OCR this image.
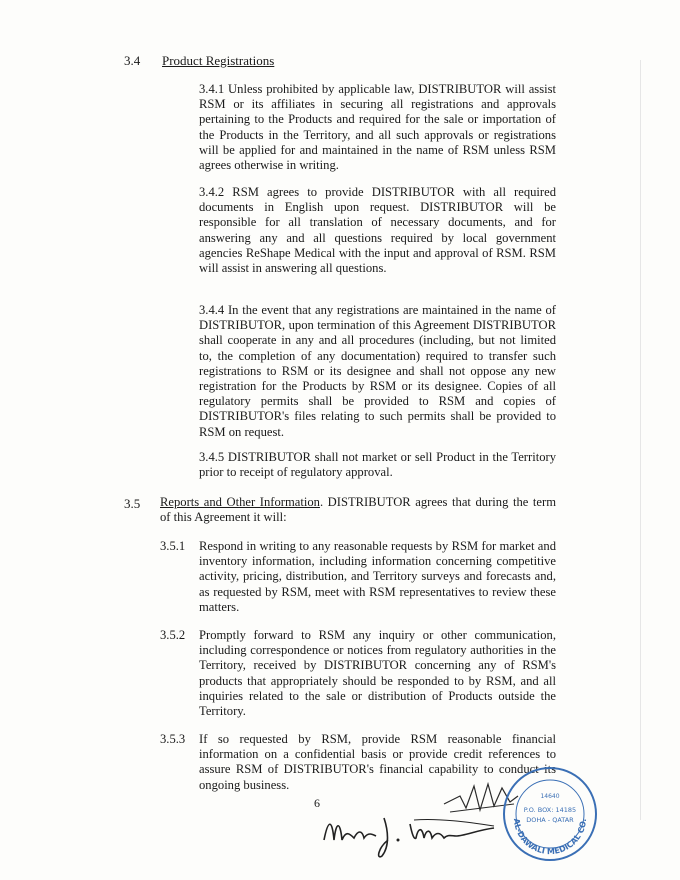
3.4 Product Registrations

3.4.1 Unless prohibited by applicable law, DISTRIBUTOR will assist RSM or its affiliates in securing all registrations and approvals pertaining to the Products and required for the sale or importation of the Products in the Territory, and all such approvals or registrations will be applied for and maintained in the name of RSM unless RSM agrees otherwise in writing.

3.4.2 RSM agrees to provide DISTRIBUTOR with all required documents in English upon request. DISTRIBUTOR will be responsible for all translation of necessary documents, and for answering any and all questions required by local government agencies ReShape Medical with the input and approval of RSM. RSM will assist in answering all questions.

3.4.4 In the event that any registrations are maintained in the name of DISTRIBUTOR, upon termination of this Agreement DISTRIBUTOR shall cooperate in any and all procedures (including, but not limited to, the completion of any documentation) required to transfer such registrations to RSM or its designee and shall not oppose any new registration for the Products by RSM or its designee. Copies of all regulatory permits shall be provided to RSM and copies of DISTRIBUTOR's files relating to such permits shall be provided to RSM on request.

3.4.5 DISTRIBUTOR shall not market or sell Product in the Territory prior to receipt of regulatory approval.

3.5 Reports and Other Information. DISTRIBUTOR agrees that during the term of this Agreement it will:

3.5.1 Respond in writing to any reasonable requests by RSM for market and inventory information, including information concerning competitive activity, pricing, distribution, and Territory surveys and forecasts and, as requested by RSM, meet with RSM representatives to review these matters.

3.5.2 Promptly forward to RSM any inquiry or other communication, including correspondence or notices from regulatory authorities in the Territory, received by DISTRIBUTOR concerning any of RSM's products that appropriately should be responded to by RSM, and all inquiries related to the sale or distribution of Products outside the Territory.

3.5.3 If so requested by RSM, provide RSM reasonable financial information on a confidential basis or provide credit references to assure RSM of DISTRIBUTOR's financial capability to conduct its ongoing business.

6	14640
P.O. BOX: 14185
DOHA - QATAR
AL-DAWALI MEDICAL CO.
